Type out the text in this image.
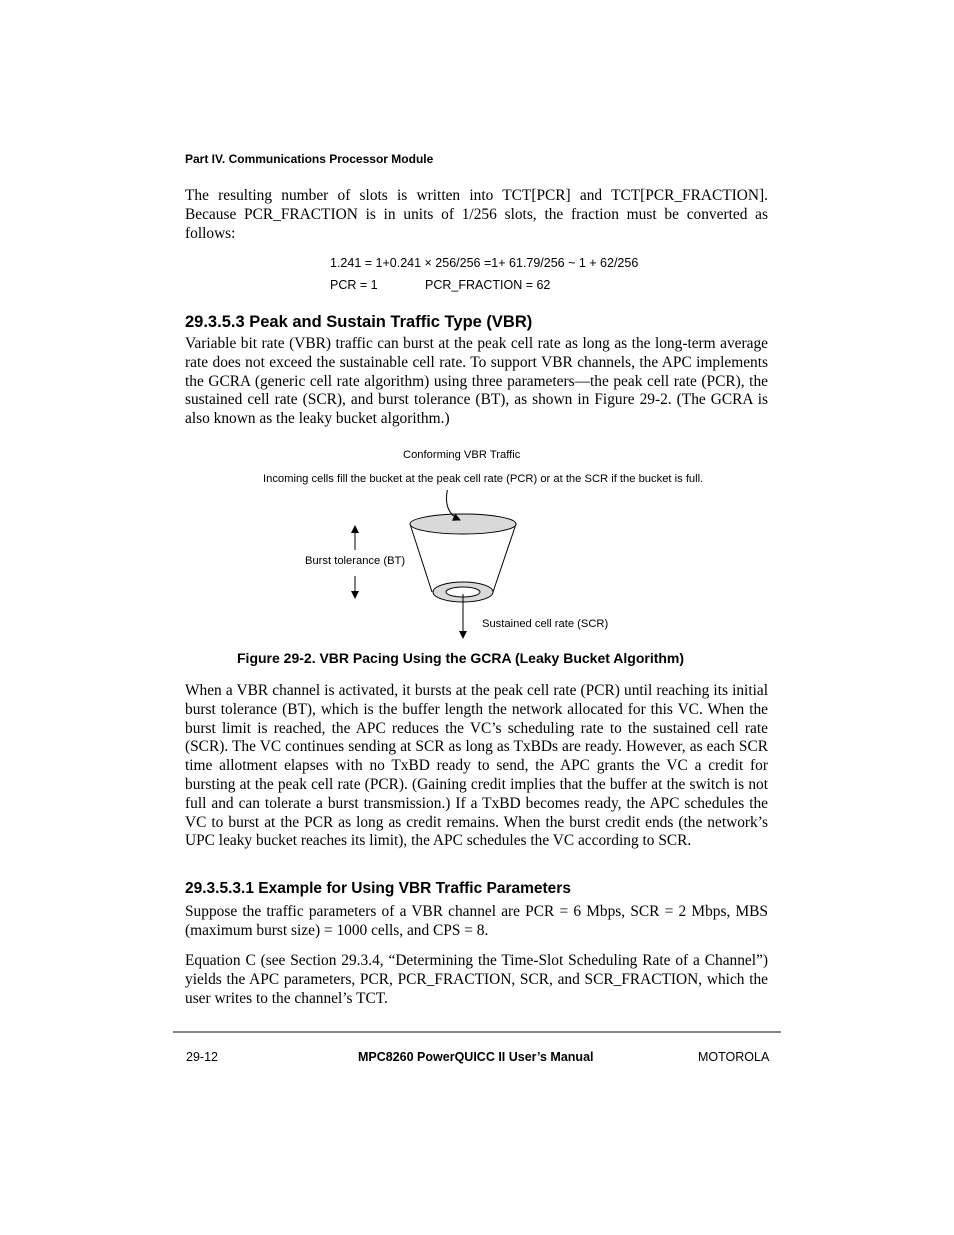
Part IV. Communications Processor Module

The resulting number of slots is written into TCT[PCR] and TCT[PCR_FRACTION]. Because PCR_FRACTION is in units of 1/256 slots, the fraction must be converted as follows:

1.241 = 1+0.241 × 256/256 =1+ 61.79/256 ~ 1 + 62/256
PCR = 1	PCR_FRACTION = 62
29.3.5.3 Peak and Sustain Traffic Type (VBR)

Variable bit rate (VBR) traffic can burst at the peak cell rate as long as the long-term average rate does not exceed the sustainable cell rate. To support VBR channels, the APC implements the GCRA (generic cell rate algorithm) using three parameters—the peak cell rate (PCR), the sustained cell rate (SCR), and burst tolerance (BT), as shown in Figure 29-2. (The GCRA is also known as the leaky bucket algorithm.)

Conforming VBR Traffic
Incoming cells fill the bucket at the peak cell rate (PCR) or at the SCR if the bucket is full.
Burst tolerance (BT)
Sustained cell rate (SCR)
Figure 29-2. VBR Pacing Using the GCRA (Leaky Bucket Algorithm)

When a VBR channel is activated, it bursts at the peak cell rate (PCR) until reaching its initial burst tolerance (BT), which is the buffer length the network allocated for this VC. When the burst limit is reached, the APC reduces the VC’s scheduling rate to the sustained cell rate (SCR). The VC continues sending at SCR as long as TxBDs are ready. However, as each SCR time allotment elapses with no TxBD ready to send, the APC grants the VC a credit for bursting at the peak cell rate (PCR). (Gaining credit implies that the buffer at the switch is not full and can tolerate a burst transmission.) If a TxBD becomes ready, the APC schedules the VC to burst at the PCR as long as credit remains. When the burst credit ends (the network’s UPC leaky bucket reaches its limit), the APC schedules the VC according to SCR.

29.3.5.3.1 Example for Using VBR Traffic Parameters

Suppose the traffic parameters of a VBR channel are PCR = 6 Mbps, SCR = 2 Mbps, MBS (maximum burst size) = 1000 cells, and CPS = 8.

Equation C (see Section 29.3.4, “Determining the Time-Slot Scheduling Rate of a Channel”) yields the APC parameters, PCR, PCR_FRACTION, SCR, and SCR_FRACTION, which the user writes to the channel’s TCT.

29-12	MPC8260 PowerQUICC II User’s Manual	MOTOROLA
